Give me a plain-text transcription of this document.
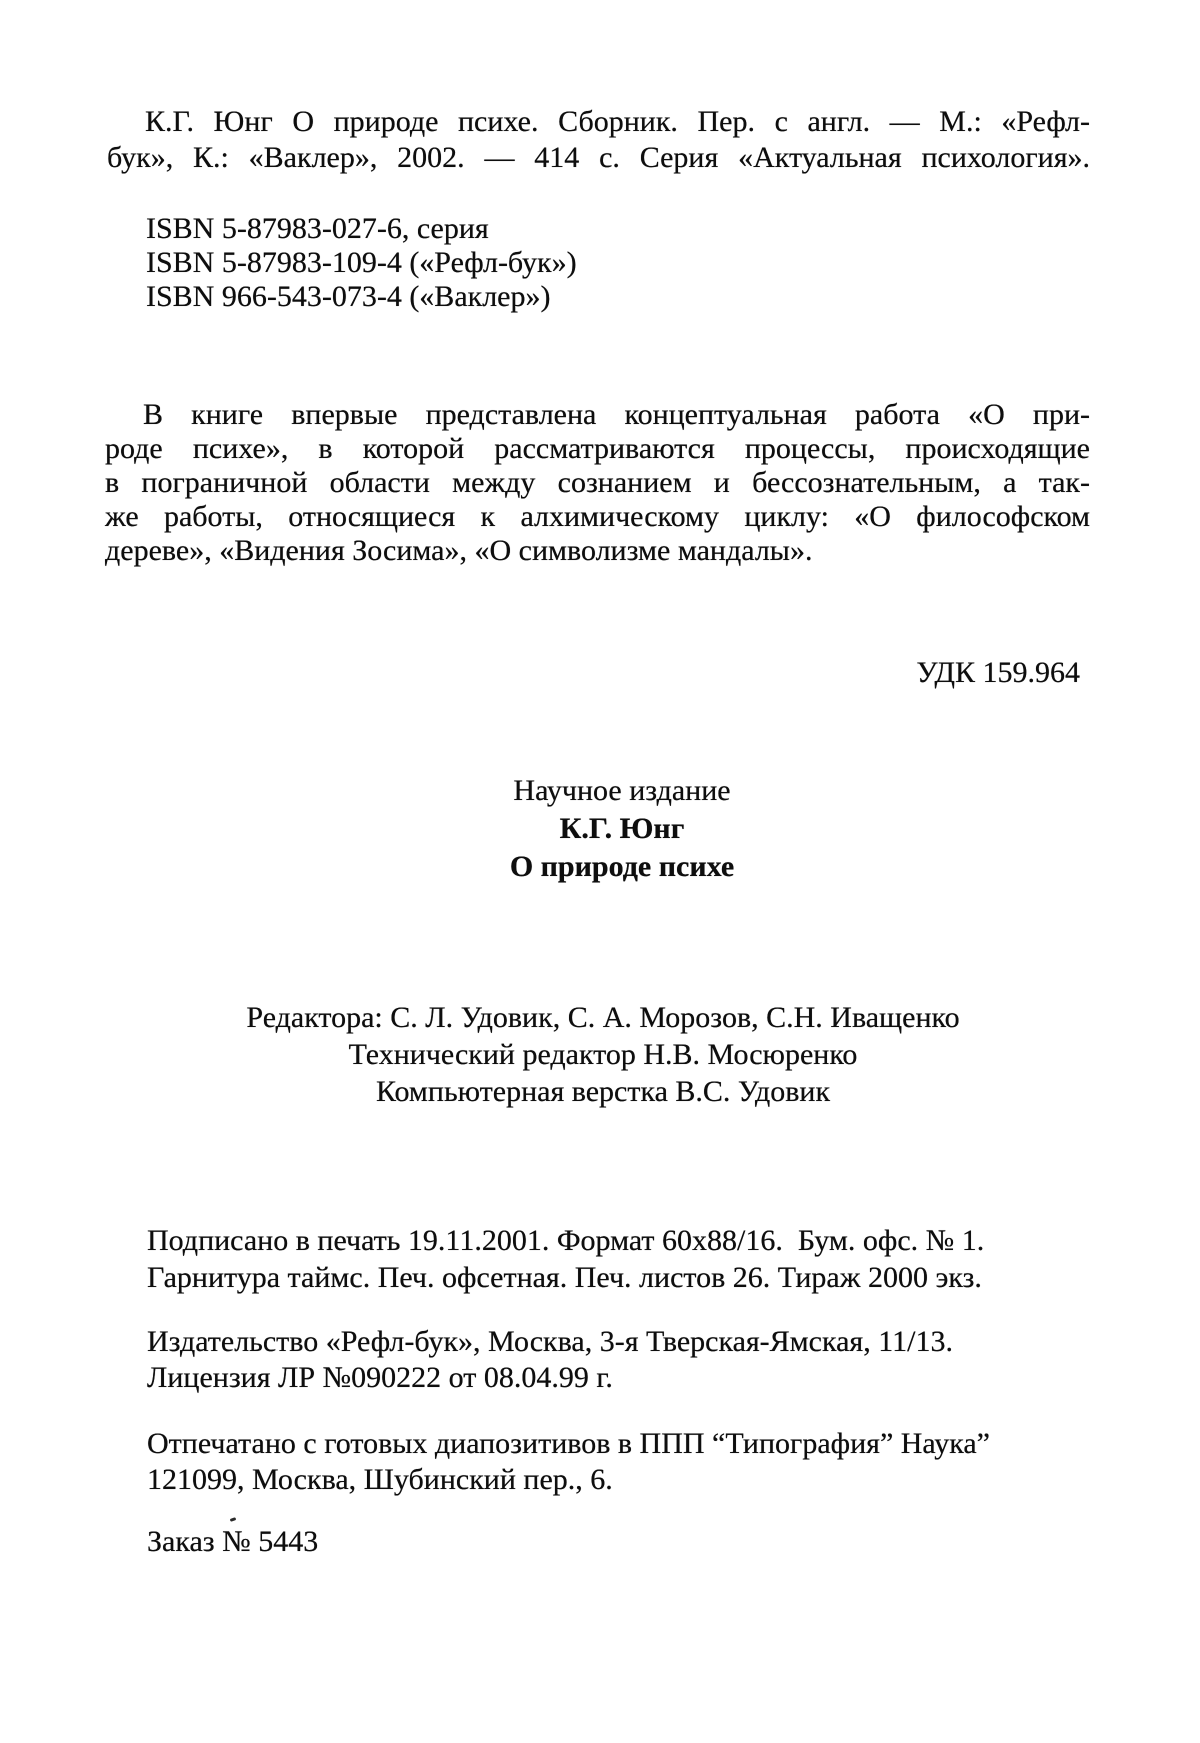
К.Г. Юнг О природе психе. Сборник. Пер. с англ. — М.: «Рефл-
бук», К.: «Ваклер», 2002. — 414 с. Серия «Актуальная психология».
ISBN 5-87983-027-6, серия
ISBN 5-87983-109-4 («Рефл-бук»)
ISBN 966-543-073-4 («Ваклер»)
В книге впервые представлена концептуальная работа «О при-
роде психе», в которой рассматриваются процессы, происходящие
в пограничной области между сознанием и бессознательным, а так-
же работы, относящиеся к алхимическому циклу: «О философском
дереве», «Видения Зосима», «О символизме мандалы».
УДК 159.964
Научное издание
К.Г. Юнг
О природе психе
Редактора: С. Л. Удовик, С. А. Морозов, С.Н. Иващенко
Технический редактор Н.В. Мосюренко
Компьютерная верстка В.С. Удовик
Подписано в печать 19.11.2001. Формат 60х88/16.  Бум. офс. № 1.
Гарнитура таймс. Печ. офсетная. Печ. листов 26. Тираж 2000 экз.
Издательство «Рефл-бук», Москва, 3-я Тверская-Ямская, 11/13.
Лицензия ЛР №090222 от 08.04.99 г.
Отпечатано с готовых диапозитивов в ППП “Типография” Наука”
121099, Москва, Шубинский пер., 6.
Заказ № 5443
